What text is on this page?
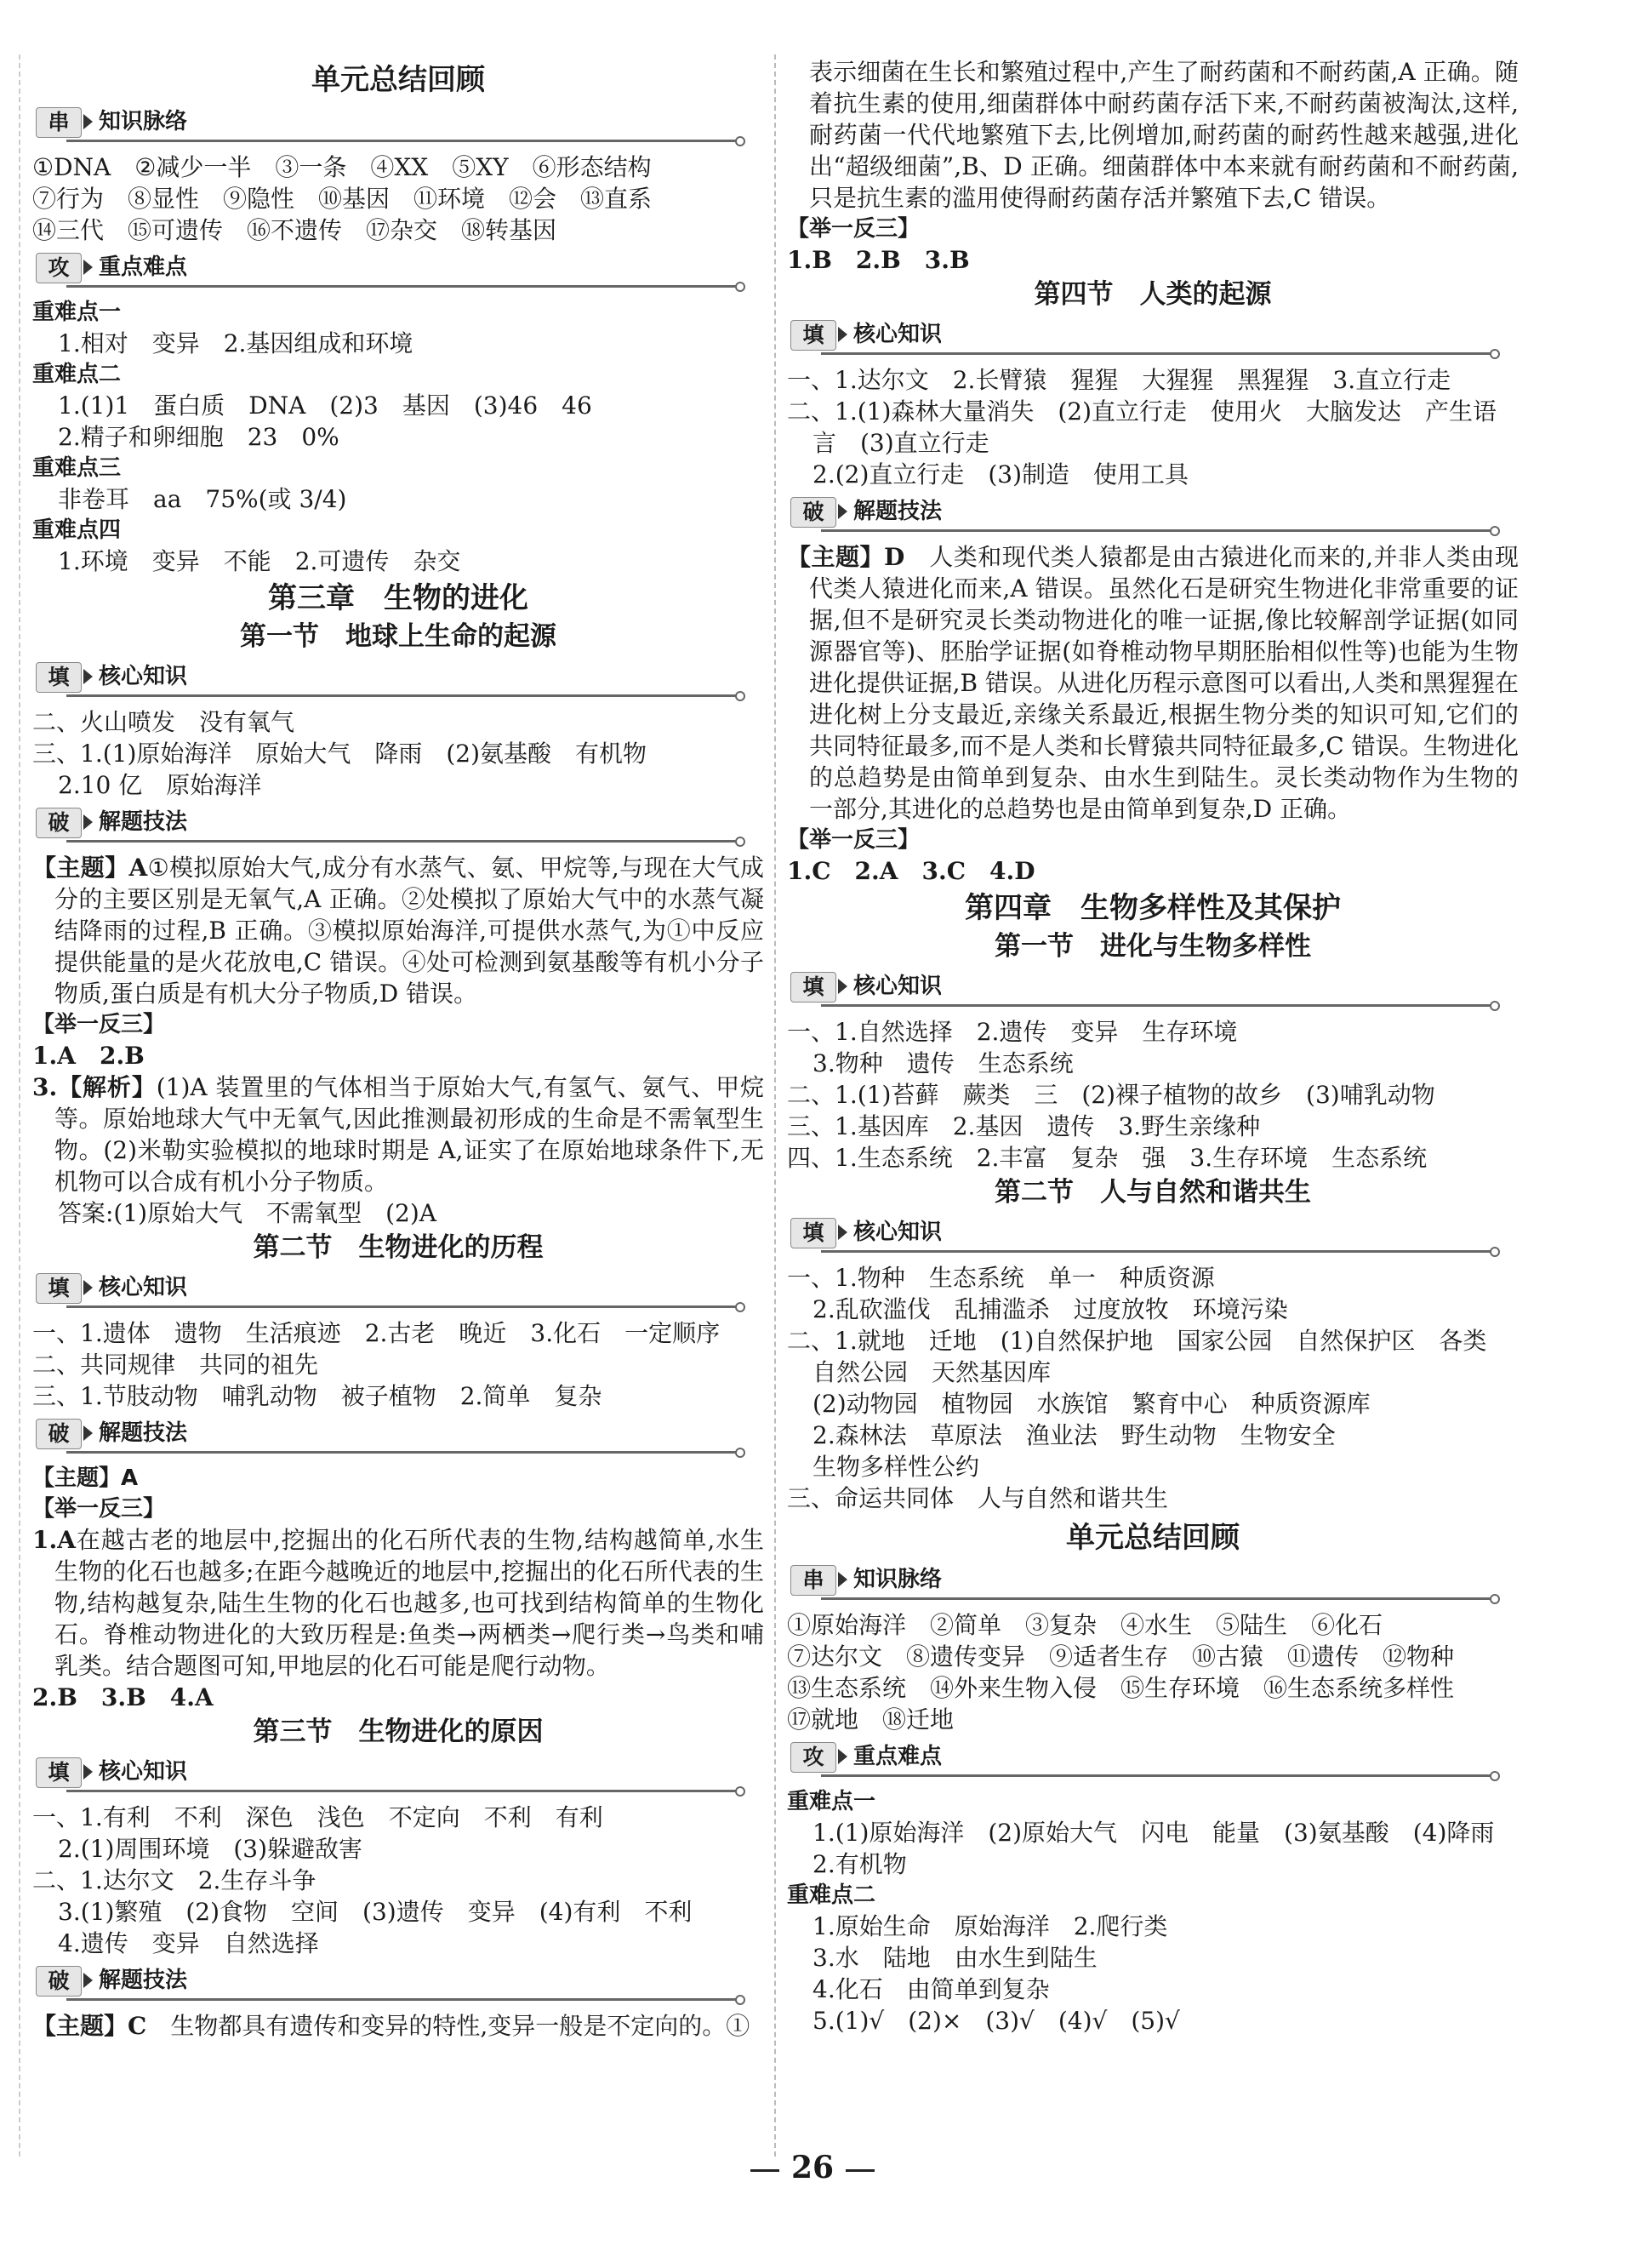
单元总结回顾
串	知识脉络
①DNA　②减少一半　③一条　④XX　⑤XY　⑥形态结构
⑦行为　⑧显性　⑨隐性　⑩基因　⑪环境　⑫会　⑬直系
⑭三代　⑮可遗传　⑯不遗传　⑰杂交　⑱转基因
攻	重点难点
重难点一
1.相对　变异　2.基因组成和环境
重难点二
1.(1)1　蛋白质　DNA　(2)3　基因　(3)46　46
2.精子和卵细胞　23　0%
重难点三
非卷耳　aa　75%(或 3/4)
重难点四
1.环境　变异　不能　2.可遗传　杂交
第三章　生物的进化
第一节　地球上生命的起源
填	核心知识
二、火山喷发　没有氧气
三、1.(1)原始海洋　原始大气　降雨　(2)氨基酸　有机物
2.10 亿　原始海洋
破	解题技法
【主题】A①模拟原始大气,成分有水蒸气、氨、甲烷等,与现在大气成分的主要区别是无氧气,A 正确。②处模拟了原始大气中的水蒸气凝结降雨的过程,B 正确。③模拟原始海洋,可提供水蒸气,为①中反应提供能量的是火花放电,C 错误。④处可检测到氨基酸等有机小分子物质,蛋白质是有机大分子物质,D 错误。
【举一反三】
1.A　2.B
3.【解析】(1)A 装置里的气体相当于原始大气,有氢气、氨气、甲烷等。原始地球大气中无氧气,因此推测最初形成的生命是不需氧型生物。(2)米勒实验模拟的地球时期是 A,证实了在原始地球条件下,无机物可以合成有机小分子物质。
答案:(1)原始大气　不需氧型　(2)A
第二节　生物进化的历程
填	核心知识
一、1.遗体　遗物　生活痕迹　2.古老　晚近　3.化石　一定顺序
二、共同规律　共同的祖先
三、1.节肢动物　哺乳动物　被子植物　2.简单　复杂
破	解题技法
【主题】A
【举一反三】
1.A在越古老的地层中,挖掘出的化石所代表的生物,结构越简单,水生生物的化石也越多;在距今越晚近的地层中,挖掘出的化石所代表的生物,结构越复杂,陆生生物的化石也越多,也可找到结构简单的生物化石。脊椎动物进化的大致历程是:鱼类→两栖类→爬行类→鸟类和哺乳类。结合题图可知,甲地层的化石可能是爬行动物。
2.B　3.B　4.A
第三节　生物进化的原因
填	核心知识
一、1.有利　不利　深色　浅色　不定向　不利　有利
2.(1)周围环境　(3)躲避敌害
二、1.达尔文　2.生存斗争
3.(1)繁殖　(2)食物　空间　(3)遗传　变异　(4)有利　不利
4.遗传　变异　自然选择
破	解题技法
【主题】C　 生物都具有遗传和变异的特性,变异一般是不定向的。①
表示细菌在生长和繁殖过程中,产生了耐药菌和不耐药菌,A 正确。随着抗生素的使用,细菌群体中耐药菌存活下来,不耐药菌被淘汰,这样,耐药菌一代代地繁殖下去,比例增加,耐药菌的耐药性越来越强,进化出“超级细菌”,B、D 正确。细菌群体中本来就有耐药菌和不耐药菌,只是抗生素的滥用使得耐药菌存活并繁殖下去,C 错误。
【举一反三】
1.B　2.B　3.B
第四节　人类的起源
填	核心知识
一、1.达尔文　2.长臂猿　猩猩　大猩猩　黑猩猩　3.直立行走
二、1.(1)森林大量消失　(2)直立行走　使用火　大脑发达　产生语
言　(3)直立行走
2.(2)直立行走　(3)制造　使用工具
破	解题技法
【主题】D　 人类和现代类人猿都是由古猿进化而来的,并非人类由现代类人猿进化而来,A 错误。虽然化石是研究生物进化非常重要的证据,但不是研究灵长类动物进化的唯一证据,像比较解剖学证据(如同源器官等)、胚胎学证据(如脊椎动物早期胚胎相似性等)也能为生物进化提供证据,B 错误。从进化历程示意图可以看出,人类和黑猩猩在进化树上分支最近,亲缘关系最近,根据生物分类的知识可知,它们的共同特征最多,而不是人类和长臂猿共同特征最多,C 错误。生物进化的总趋势是由简单到复杂、由水生到陆生。灵长类动物作为生物的一部分,其进化的总趋势也是由简单到复杂,D 正确。
【举一反三】
1.C　2.A　3.C　4.D
第四章　生物多样性及其保护
第一节　进化与生物多样性
填	核心知识
一、1.自然选择　2.遗传　变异　生存环境
3.物种　遗传　生态系统
二、1.(1)苔藓　蕨类　三　(2)裸子植物的故乡　(3)哺乳动物
三、1.基因库　2.基因　遗传　3.野生亲缘种
四、1.生态系统　2.丰富　复杂　强　3.生存环境　生态系统
第二节　人与自然和谐共生
填	核心知识
一、1.物种　生态系统　单一　种质资源
2.乱砍滥伐　乱捕滥杀　过度放牧　环境污染
二、1.就地　迁地　(1)自然保护地　国家公园　自然保护区　各类
自然公园　天然基因库
(2)动物园　植物园　水族馆　繁育中心　种质资源库
2.森林法　草原法　渔业法　野生动物　生物安全
生物多样性公约
三、命运共同体　人与自然和谐共生
单元总结回顾
串	知识脉络
①原始海洋　②简单　③复杂　④水生　⑤陆生　⑥化石
⑦达尔文　⑧遗传变异　⑨适者生存　⑩古猿　⑪遗传　⑫物种
⑬生态系统　⑭外来生物入侵　⑮生存环境　⑯生态系统多样性
⑰就地　⑱迁地
攻	重点难点
重难点一
1.(1)原始海洋　(2)原始大气　闪电　能量　(3)氨基酸　(4)降雨
2.有机物
重难点二
1.原始生命　原始海洋　2.爬行类
3.水　陆地　由水生到陆生
4.化石　由简单到复杂
5.(1)√　(2)×　(3)√　(4)√　(5)√
26
